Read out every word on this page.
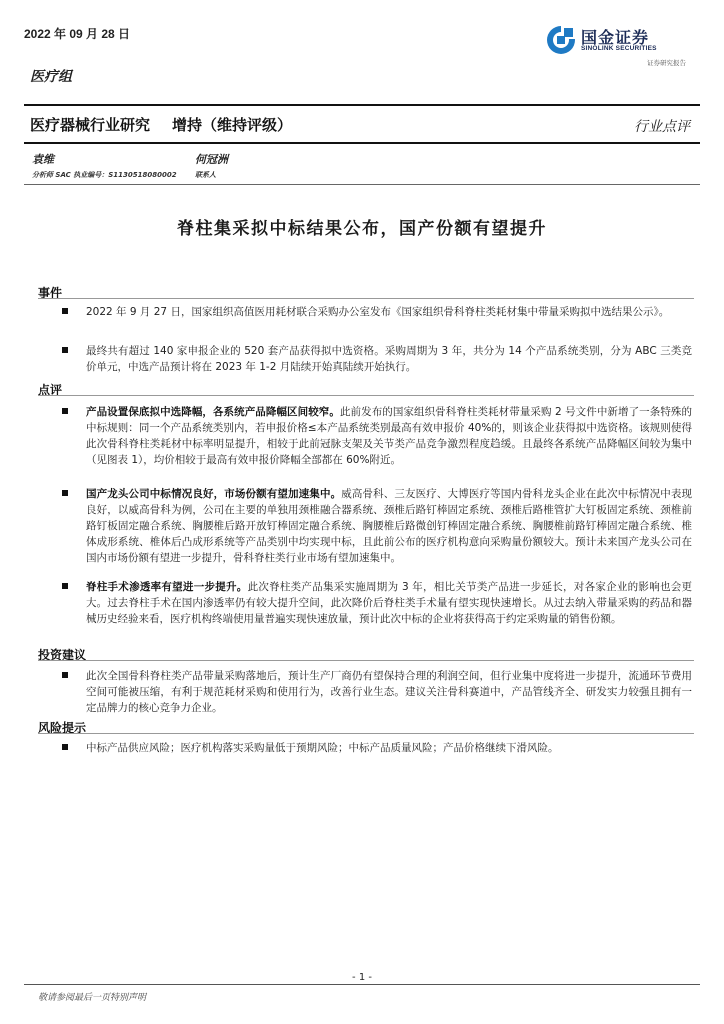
2022 年 09 月 28 日	国金证券
SINOLINK SECURITIES
证券研究报告
医疗组
医疗器械行业研究 增持（维持评级）	行业点评
袁维
分析师 SAC 执业编号：S1130518080002
何冠洲
联系人
脊柱集采拟中标结果公布，国产份额有望提升
事件
2022 年 9 月 27 日，国家组织高值医用耗材联合采购办公室发布《国家组织骨科脊柱类耗材集中带量采购拟中选结果公示》。
最终共有超过 140 家申报企业的 520 套产品获得拟中选资格。采购周期为 3 年，共分为 14 个产品系统类别，分为 ABC 三类竞价单元，中选产品预计将在 2023 年 1-2 月陆续开始真陆续开始执行。
点评
产品设置保底拟中选降幅，各系统产品降幅区间较窄。此前发布的国家组织骨科脊柱类耗材带量采购 2 号文件中新增了一条特殊的中标规则：同一个产品系统类别内，若申报价格≤本产品系统类别最高有效申报价 40%的，则该企业获得拟中选资格。该规则使得此次骨科脊柱类耗材中标率明显提升，相较于此前冠脉支架及关节类产品竞争激烈程度趋缓。且最终各系统产品降幅区间较为集中（见图表 1），均价相较于最高有效申报价降幅全部都在 60%附近。
国产龙头公司中标情况良好，市场份额有望加速集中。威高骨科、三友医疗、大博医疗等国内骨科龙头企业在此次中标情况中表现良好，以威高骨科为例，公司在主要的单独用颈椎融合器系统、颈椎后路钉棒固定系统、颈椎后路椎管扩大钉板固定系统、颈椎前路钉板固定融合系统、胸腰椎后路开放钉棒固定融合系统、胸腰椎后路微创钉棒固定融合系统、胸腰椎前路钉棒固定融合系统、椎体成形系统、椎体后凸成形系统等产品类别中均实现中标，且此前公布的医疗机构意向采购量份额较大。预计未来国产龙头公司在国内市场份额有望进一步提升，骨科脊柱类行业市场有望加速集中。
脊柱手术渗透率有望进一步提升。此次脊柱类产品集采实施周期为 3 年，相比关节类产品进一步延长，对各家企业的影响也会更大。过去脊柱手术在国内渗透率仍有较大提升空间，此次降价后脊柱类手术量有望实现快速增长。从过去纳入带量采购的药品和器械历史经验来看，医疗机构终端使用量普遍实现快速放量，预计此次中标的企业将获得高于约定采购量的销售份额。
投资建议
此次全国骨科脊柱类产品带量采购落地后，预计生产厂商仍有望保持合理的利润空间，但行业集中度将进一步提升，流通环节费用空间可能被压缩，有利于规范耗材采购和使用行为，改善行业生态。建议关注骨科赛道中，产品管线齐全、研发实力较强且拥有一定品牌力的核心竞争力企业。
风险提示
中标产品供应风险；医疗机构落实采购量低于预期风险；中标产品质量风险；产品价格继续下滑风险。
- 1 -
敬请参阅最后一页特别声明
